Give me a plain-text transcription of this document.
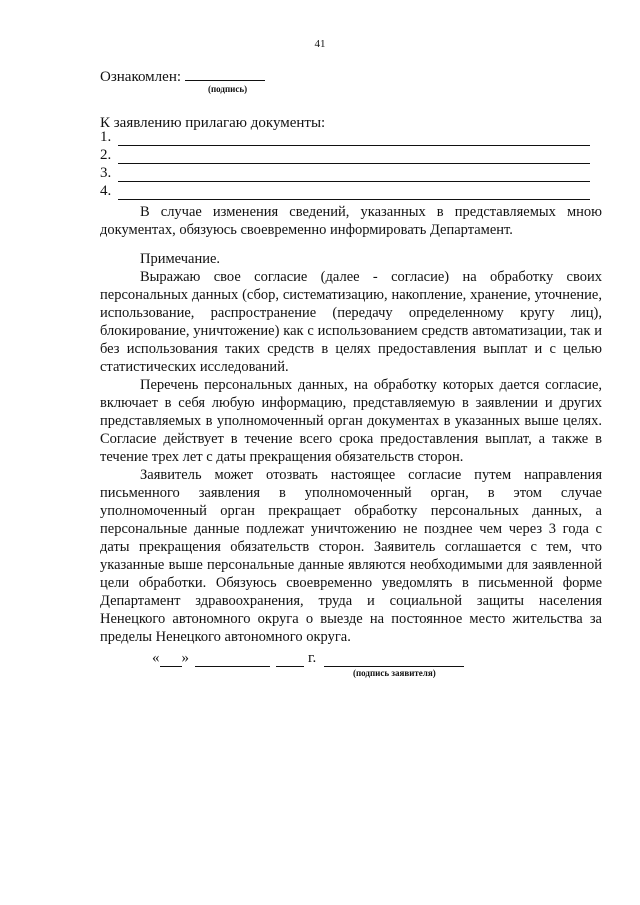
41
Ознакомлен:
(подпись)
К заявлению прилагаю документы:
1.
2.
3.
4.
В случае изменения сведений, указанных в представляемых мною документах, обязуюсь своевременно информировать Департамент.
Примечание.
Выражаю свое согласие (далее - согласие) на обработку своих персональных данных (сбор, систематизацию, накопление, хранение, уточнение, использование, распространение (передачу определенному кругу лиц), блокирование, уничтожение) как с использованием средств автоматизации, так и без использования таких средств в целях предоставления выплат и с целью статистических исследований.
Перечень персональных данных, на обработку которых дается согласие, включает в себя любую информацию, представляемую в заявлении и других представляемых в уполномоченный орган документах в указанных выше целях. Согласие действует в течение всего срока предоставления выплат, а также в течение трех лет с даты прекращения обязательств сторон.
Заявитель может отозвать настоящее согласие путем направления письменного заявления в уполномоченный орган, в этом случае уполномоченный орган прекращает обработку персональных данных, а персональные данные подлежат уничтожению не позднее чем через 3 года с даты прекращения обязательств сторон. Заявитель соглашается с тем, что указанные выше персональные данные являются необходимыми для заявленной цели обработки. Обязуюсь своевременно уведомлять в письменной форме Департамент здравоохранения, труда и социальной защиты населения Ненецкого автономного округа о выезде на постоянное место жительства за пределы Ненецкого автономного округа.
« »	г.
(подпись заявителя)
